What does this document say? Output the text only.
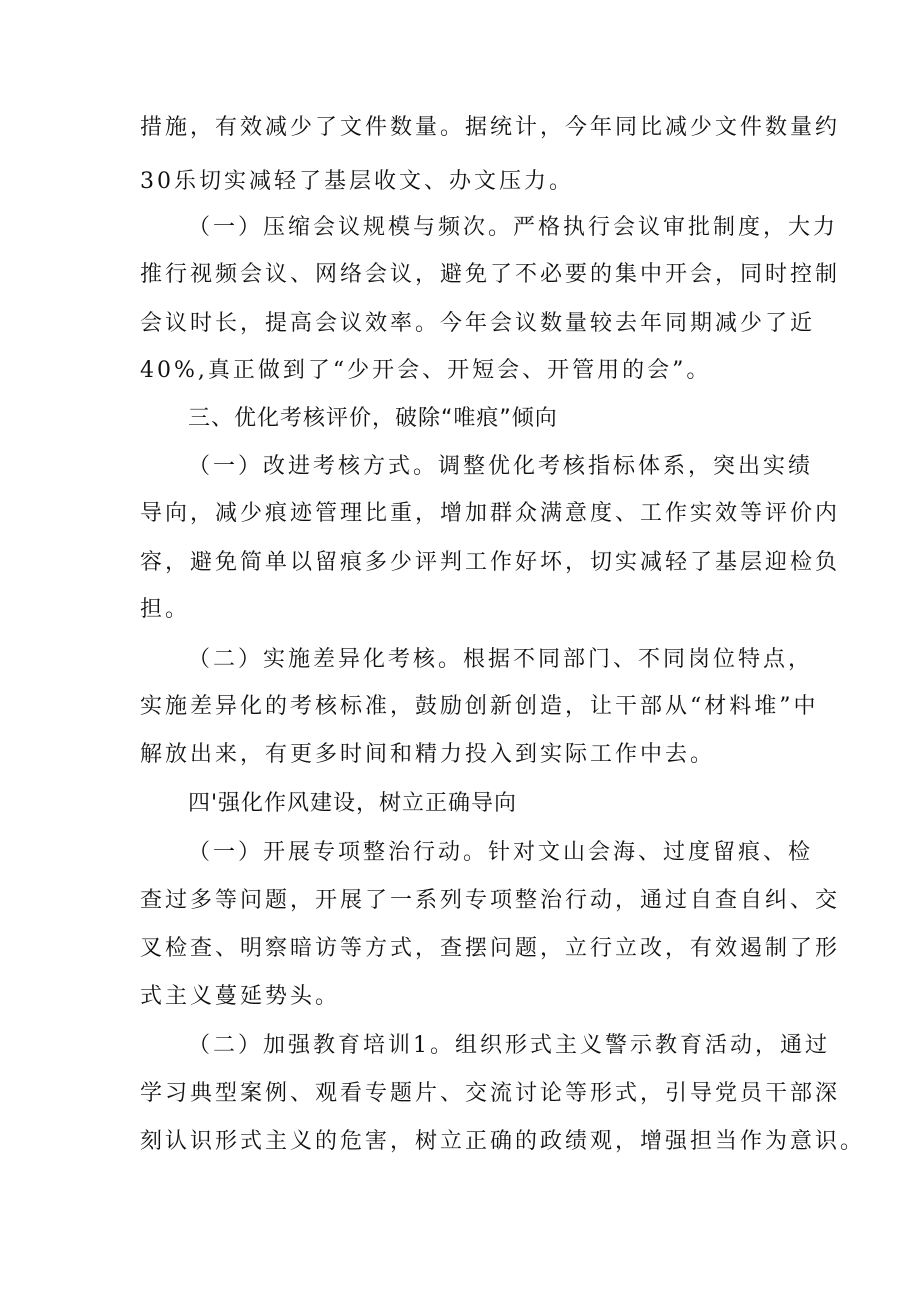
措施，有效减少了文件数量。据统计，今年同比减少文件数量约
30乐切实减轻了基层收文、办文压力。
（一）压缩会议规模与频次。严格执行会议审批制度，大力
推行视频会议、网络会议，避免了不必要的集中开会，同时控制
会议时长，提高会议效率。今年会议数量较去年同期减少了近
40%,真正做到了“少开会、开短会、开管用的会”。
三、优化考核评价，破除“唯痕”倾向
（一）改进考核方式。调整优化考核指标体系，突出实绩
导向，减少痕迹管理比重，增加群众满意度、工作实效等评价内
容，避免简单以留痕多少评判工作好坏，切实减轻了基层迎检负
担。
（二）实施差异化考核。根据不同部门、不同岗位特点，
实施差异化的考核标准，鼓励创新创造，让干部从“材料堆”中
解放出来，有更多时间和精力投入到实际工作中去。
四'强化作风建设，树立正确导向
（一）开展专项整治行动。针对文山会海、过度留痕、检
查过多等问题，开展了一系列专项整治行动，通过自查自纠、交
叉检查、明察暗访等方式，查摆问题，立行立改，有效遏制了形
式主义蔓延势头。
（二）加强教育培训1。组织形式主义警示教育活动，通过
学习典型案例、观看专题片、交流讨论等形式，引导党员干部深
刻认识形式主义的危害，树立正确的政绩观，增强担当作为意识。
